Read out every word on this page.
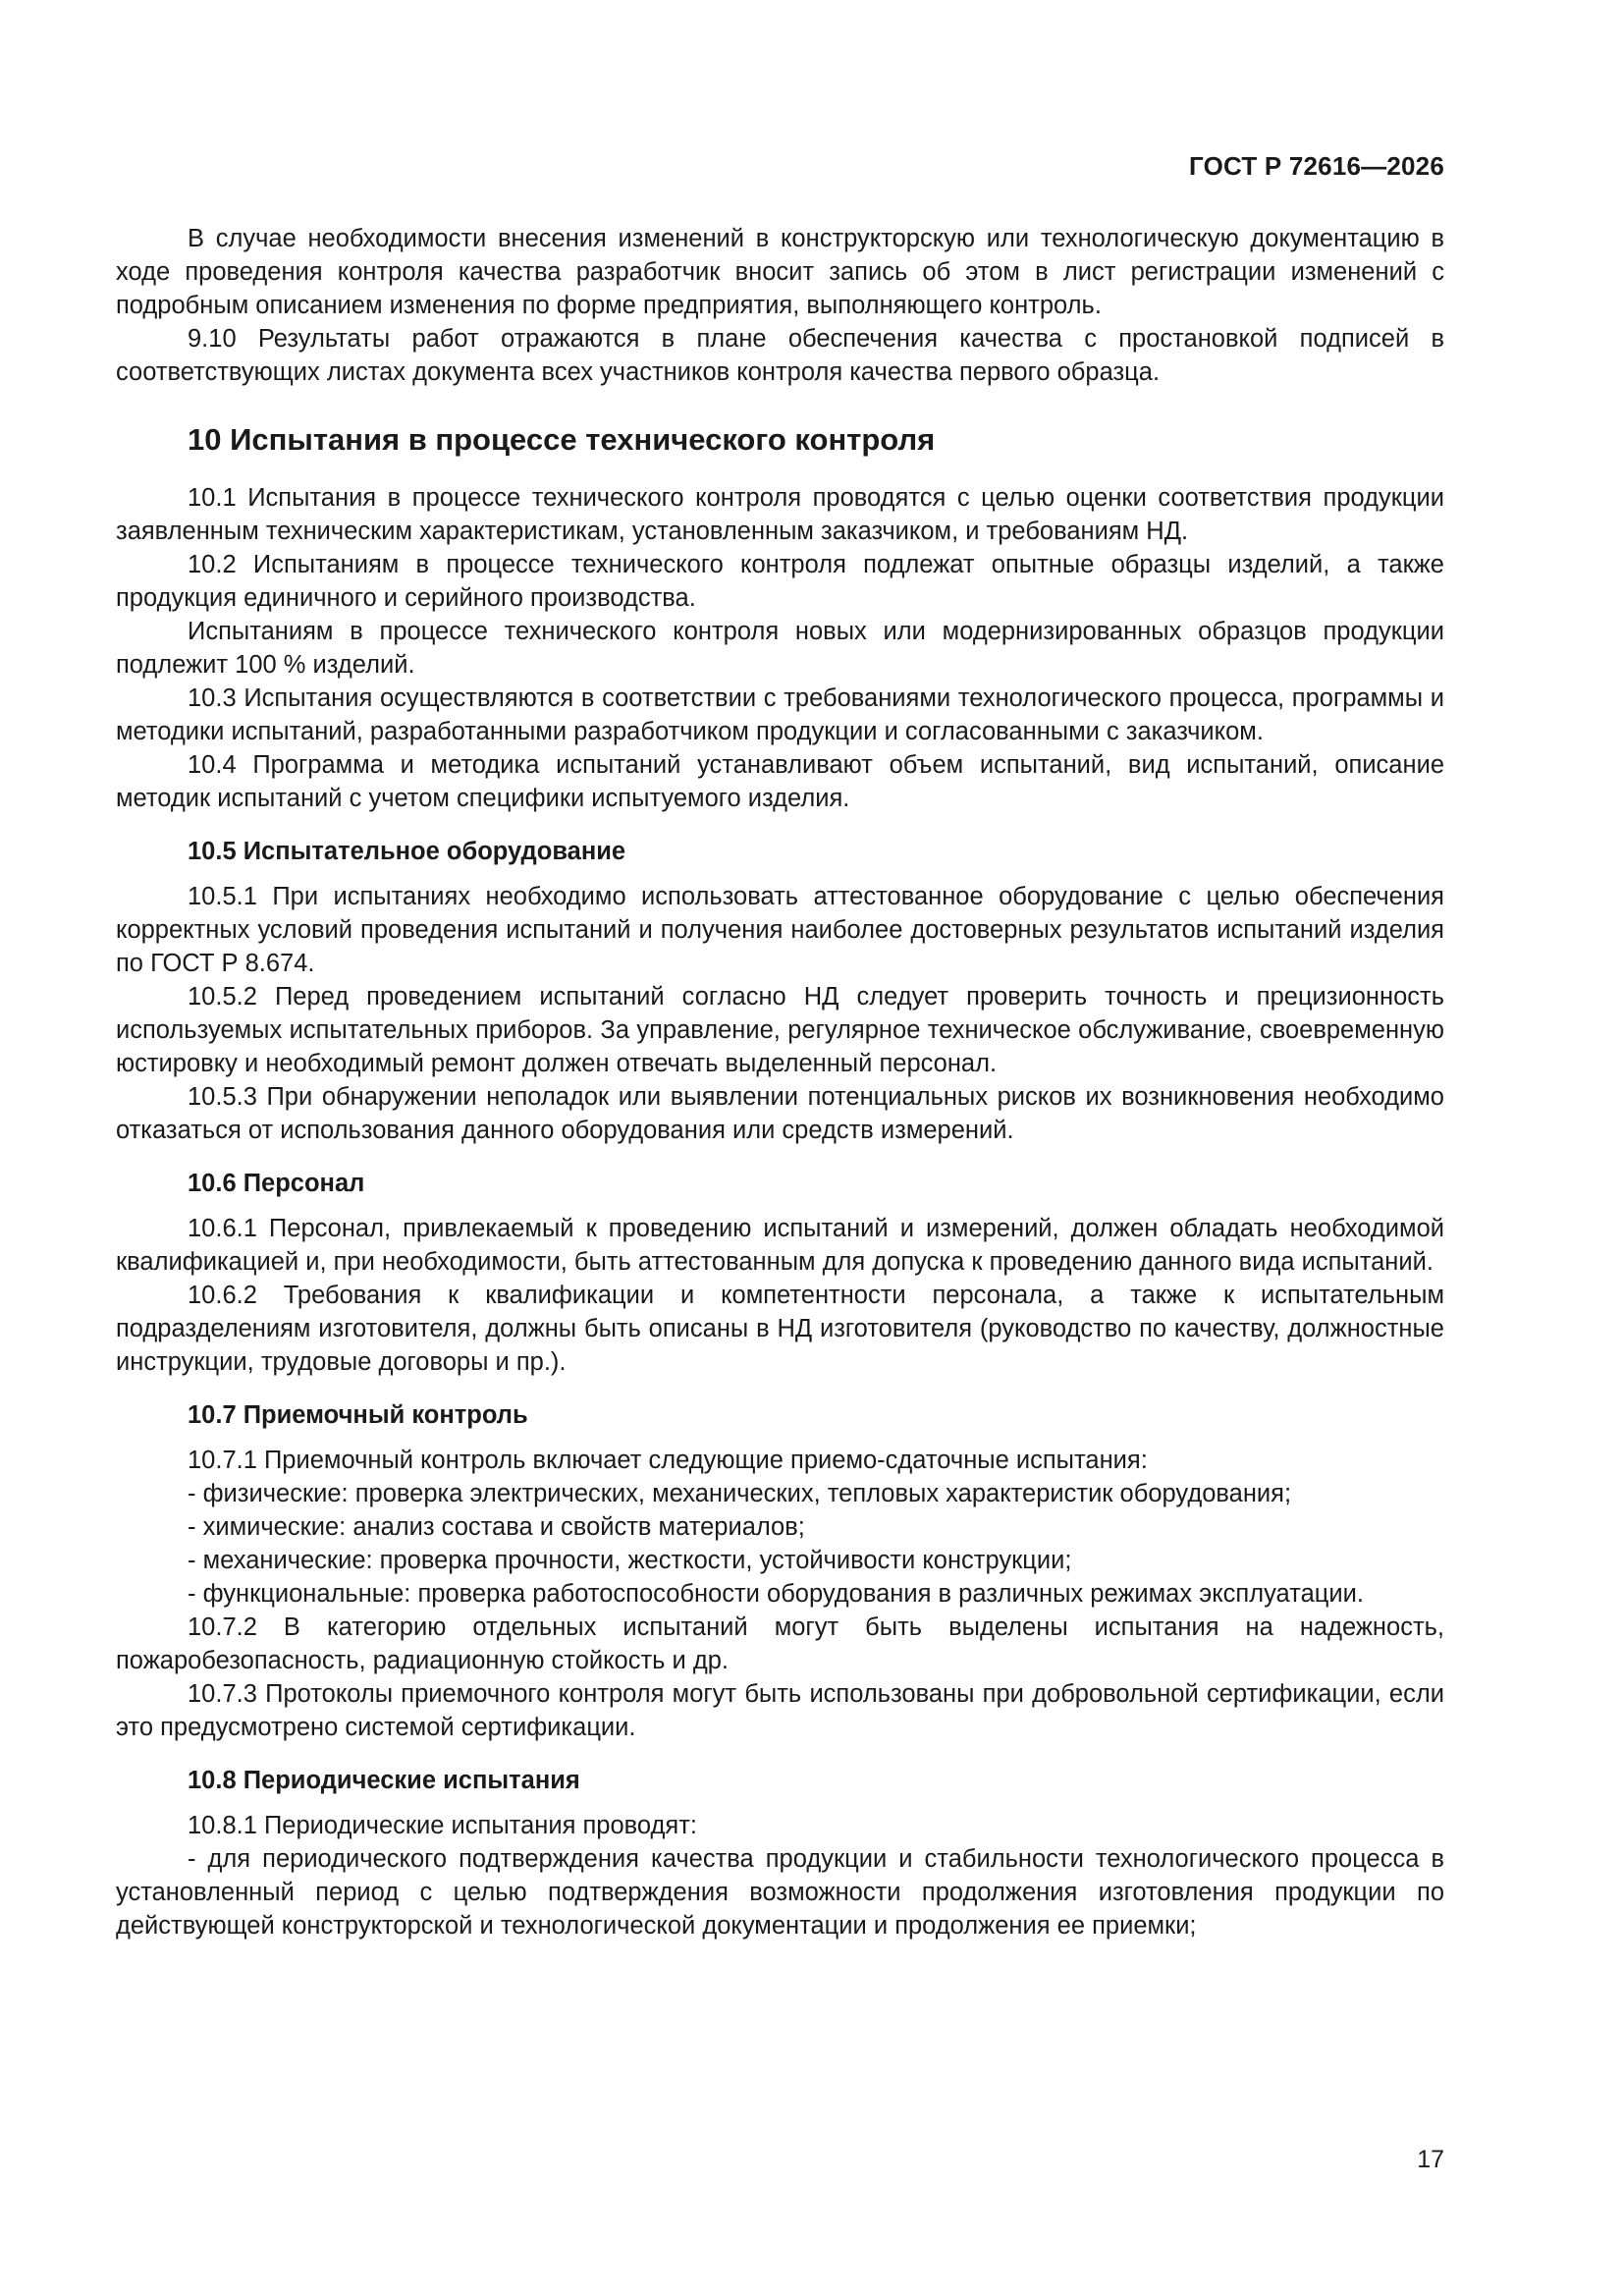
ГОСТ Р 72616—2026

В случае необходимости внесения изменений в конструкторскую или технологическую документацию в ходе проведения контроля качества разработчик вносит запись об этом в лист регистрации изменений с подробным описанием изменения по форме предприятия, выполняющего контроль.

9.10 Результаты работ отражаются в плане обеспечения качества с простановкой подписей в соответствующих листах документа всех участников контроля качества первого образца.

10 Испытания в процессе технического контроля

10.1 Испытания в процессе технического контроля проводятся с целью оценки соответствия продукции заявленным техническим характеристикам, установленным заказчиком, и требованиям НД.

10.2 Испытаниям в процессе технического контроля подлежат опытные образцы изделий, а также продукция единичного и серийного производства.

Испытаниям в процессе технического контроля новых или модернизированных образцов продукции подлежит 100 % изделий.

10.3 Испытания осуществляются в соответствии с требованиями технологического процесса, программы и методики испытаний, разработанными разработчиком продукции и согласованными с заказчиком.

10.4 Программа и методика испытаний устанавливают объем испытаний, вид испытаний, описание методик испытаний с учетом специфики испытуемого изделия.

10.5 Испытательное оборудование

10.5.1 При испытаниях необходимо использовать аттестованное оборудование с целью обеспечения корректных условий проведения испытаний и получения наиболее достоверных результатов испытаний изделия по ГОСТ Р 8.674.

10.5.2 Перед проведением испытаний согласно НД следует проверить точность и прецизионность используемых испытательных приборов. За управление, регулярное техническое обслуживание, своевременную юстировку и необходимый ремонт должен отвечать выделенный персонал.

10.5.3 При обнаружении неполадок или выявлении потенциальных рисков их возникновения необходимо отказаться от использования данного оборудования или средств измерений.

10.6 Персонал

10.6.1 Персонал, привлекаемый к проведению испытаний и измерений, должен обладать необходимой квалификацией и, при необходимости, быть аттестованным для допуска к проведению данного вида испытаний.

10.6.2 Требования к квалификации и компетентности персонала, а также к испытательным подразделениям изготовителя, должны быть описаны в НД изготовителя (руководство по качеству, должностные инструкции, трудовые договоры и пр.).

10.7 Приемочный контроль

10.7.1 Приемочный контроль включает следующие приемо-сдаточные испытания:

- физические: проверка электрических, механических, тепловых характеристик оборудования;

- химические: анализ состава и свойств материалов;

- механические: проверка прочности, жесткости, устойчивости конструкции;

- функциональные: проверка работоспособности оборудования в различных режимах эксплуатации.

10.7.2 В категорию отдельных испытаний могут быть выделены испытания на надежность, пожаробезопасность, радиационную стойкость и др.

10.7.3 Протоколы приемочного контроля могут быть использованы при добровольной сертификации, если это предусмотрено системой сертификации.

10.8 Периодические испытания

10.8.1 Периодические испытания проводят:

- для периодического подтверждения качества продукции и стабильности технологического процесса в установленный период с целью подтверждения возможности продолжения изготовления продукции по действующей конструкторской и технологической документации и продолжения ее приемки;

17
